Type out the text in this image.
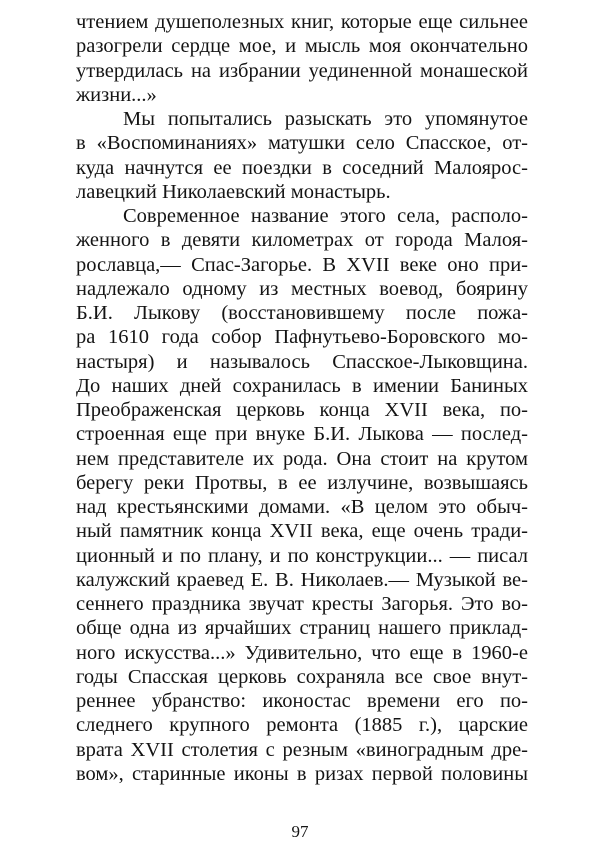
чтением душеполезных книг, которые еще сильнее
разогрели сердце мое, и мысль моя окончательно
утвердилась на избрании уединенной монашеской
жизни...»
Мы попытались разыскать это упомянутое
в «Воспоминаниях» матушки село Спасское, от-
куда начнутся ее поездки в соседний Малоярос-
лавецкий Николаевский монастырь.
Современное название этого села, располо-
женного в девяти километрах от города Малоя-
рославца,— Спас-Загорье. В XVII веке оно при-
надлежало одному из местных воевод, боярину
Б.И. Лыкову (восстановившему после пожа-
ра 1610 года собор Пафнутьево-Боровского мо-
настыря) и называлось Спасское-Лыковщина.
До наших дней сохранилась в имении Баниных
Преображенская церковь конца XVII века, по-
строенная еще при внуке Б.И. Лыкова — послед-
нем представителе их рода. Она стоит на крутом
берегу реки Протвы, в ее излучине, возвышаясь
над крестьянскими домами. «В целом это обыч-
ный памятник конца XVII века, еще очень тради-
ционный и по плану, и по конструкции... — писал
калужский краевед Е. В. Николаев.— Музыкой ве-
сеннего праздника звучат кресты Загорья. Это во-
обще одна из ярчайших страниц нашего приклад-
ного искусства...» Удивительно, что еще в 1960-е
годы Спасская церковь сохраняла все свое внут-
реннее убранство: иконостас времени его по-
следнего крупного ремонта (1885 г.), царские
врата XVII столетия с резным «виноградным дре-
вом», старинные иконы в ризах первой половины
97
